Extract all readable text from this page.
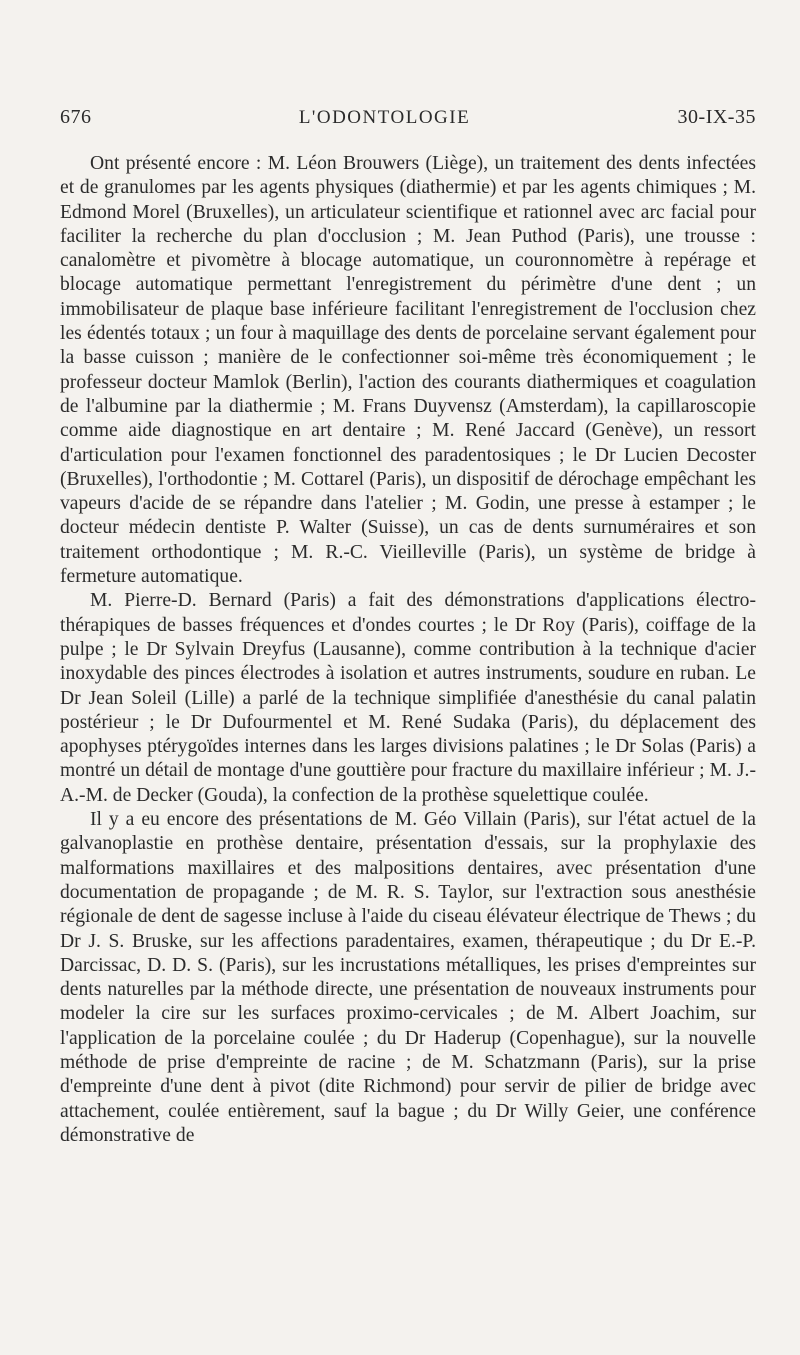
676	L'ODONTOLOGIE	30-IX-35

Ont présenté encore : M. Léon Brouwers (Liège), un traitement des dents infectées et de granulomes par les agents physiques (diathermie) et par les agents chimiques ; M. Edmond Morel (Bruxelles), un articulateur scientifique et rationnel avec arc facial pour faciliter la recherche du plan d'occlusion ; M. Jean Puthod (Paris), une trousse : canalomètre et pivomètre à blocage automatique, un couronnomètre à repérage et blocage automatique permettant l'enregistrement du périmètre d'une dent ; un immobilisateur de plaque base inférieure facilitant l'enregistrement de l'occlusion chez les édentés totaux ; un four à maquillage des dents de porcelaine servant également pour la basse cuisson ; manière de le confectionner soi-même très économiquement ; le professeur docteur Mamlok (Berlin), l'action des courants diathermiques et coagulation de l'albumine par la diathermie ; M. Frans Duyvensz (Amsterdam), la capillaroscopie comme aide diagnostique en art dentaire ; M. René Jaccard (Genève), un ressort d'articulation pour l'examen fonctionnel des paradentosiques ; le Dr Lucien Decoster (Bruxelles), l'orthodontie ; M. Cottarel (Paris), un dispositif de dérochage empêchant les vapeurs d'acide de se répandre dans l'atelier ; M. Godin, une presse à estamper ; le docteur médecin dentiste P. Walter (Suisse), un cas de dents surnuméraires et son traitement orthodontique ; M. R.-C. Vieilleville (Paris), un système de bridge à fermeture automatique.

M. Pierre-D. Bernard (Paris) a fait des démonstrations d'applications électro-thérapiques de basses fréquences et d'ondes courtes ; le Dr Roy (Paris), coiffage de la pulpe ; le Dr Sylvain Dreyfus (Lausanne), comme contribution à la technique d'acier inoxydable des pinces électrodes à isolation et autres instruments, soudure en ruban. Le Dr Jean Soleil (Lille) a parlé de la technique simplifiée d'anesthésie du canal palatin postérieur ; le Dr Dufourmentel et M. René Sudaka (Paris), du déplacement des apophyses ptérygoïdes internes dans les larges divisions palatines ; le Dr Solas (Paris) a montré un détail de montage d'une gouttière pour fracture du maxillaire inférieur ; M. J.-A.-M. de Decker (Gouda), la confection de la prothèse squelettique coulée.

Il y a eu encore des présentations de M. Géo Villain (Paris), sur l'état actuel de la galvanoplastie en prothèse dentaire, présentation d'essais, sur la prophylaxie des malformations maxillaires et des malpositions dentaires, avec présentation d'une documentation de propagande ; de M. R. S. Taylor, sur l'extraction sous anesthésie régionale de dent de sagesse incluse à l'aide du ciseau élévateur électrique de Thews ; du Dr J. S. Bruske, sur les affections paradentaires, examen, thérapeutique ; du Dr E.-P. Darcissac, D. D. S. (Paris), sur les incrustations métalliques, les prises d'empreintes sur dents naturelles par la méthode directe, une présentation de nouveaux instruments pour modeler la cire sur les surfaces proximo-cervicales ; de M. Albert Joachim, sur l'application de la porcelaine coulée ; du Dr Haderup (Copenhague), sur la nouvelle méthode de prise d'empreinte de racine ; de M. Schatzmann (Paris), sur la prise d'empreinte d'une dent à pivot (dite Richmond) pour servir de pilier de bridge avec attachement, coulée entièrement, sauf la bague ; du Dr Willy Geier, une conférence démonstrative de
